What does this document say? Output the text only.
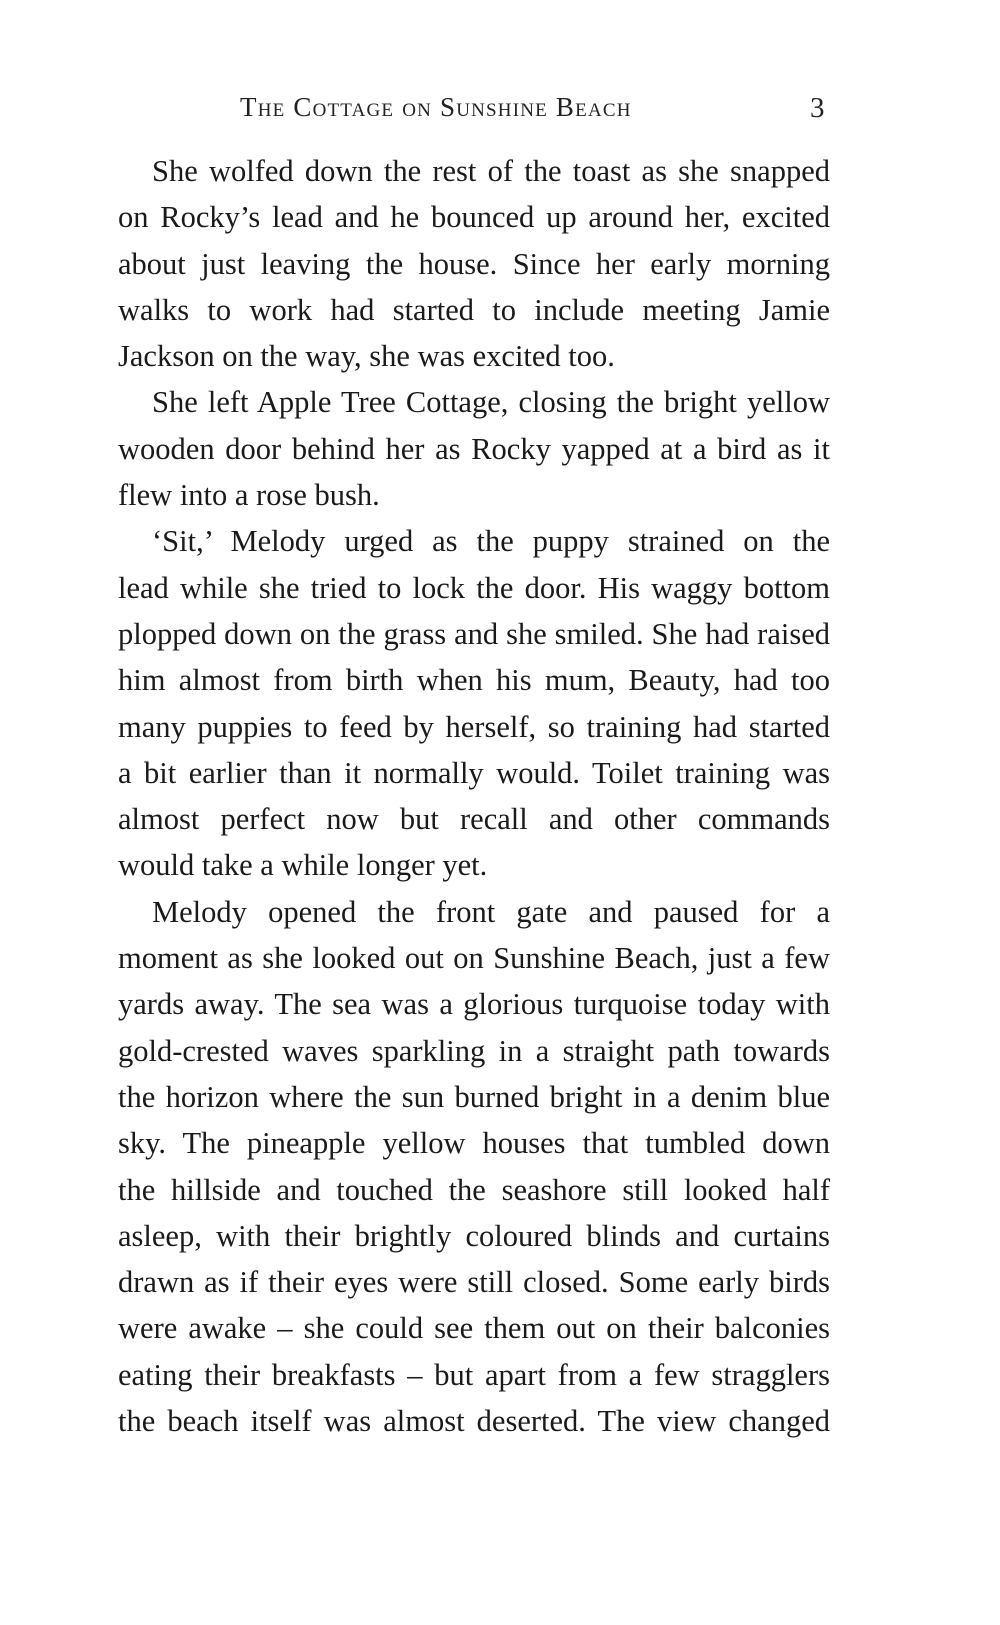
The Cottage on Sunshine Beach	3
She wolfed down the rest of the toast as she snapped
on Rocky’s lead and he bounced up around her, excited
about just leaving the house. Since her early morning
walks to work had started to include meeting Jamie
Jackson on the way, she was excited too.
She left Apple Tree Cottage, closing the bright yellow
wooden door behind her as Rocky yapped at a bird as it
flew into a rose bush.
‘Sit,’ Melody urged as the puppy strained on the
lead while she tried to lock the door. His waggy bottom
plopped down on the grass and she smiled. She had raised
him almost from birth when his mum, Beauty, had too
many puppies to feed by herself, so training had started
a bit earlier than it normally would. Toilet training was
almost perfect now but recall and other commands
would take a while longer yet.
Melody opened the front gate and paused for a
moment as she looked out on Sunshine Beach, just a few
yards away. The sea was a glorious turquoise today with
gold-crested waves sparkling in a straight path towards
the horizon where the sun burned bright in a denim blue
sky. The pineapple yellow houses that tumbled down
the hillside and touched the seashore still looked half
asleep, with their brightly coloured blinds and curtains
drawn as if their eyes were still closed. Some early birds
were awake – she could see them out on their balconies
eating their breakfasts – but apart from a few stragglers
the beach itself was almost deserted. The view changed
